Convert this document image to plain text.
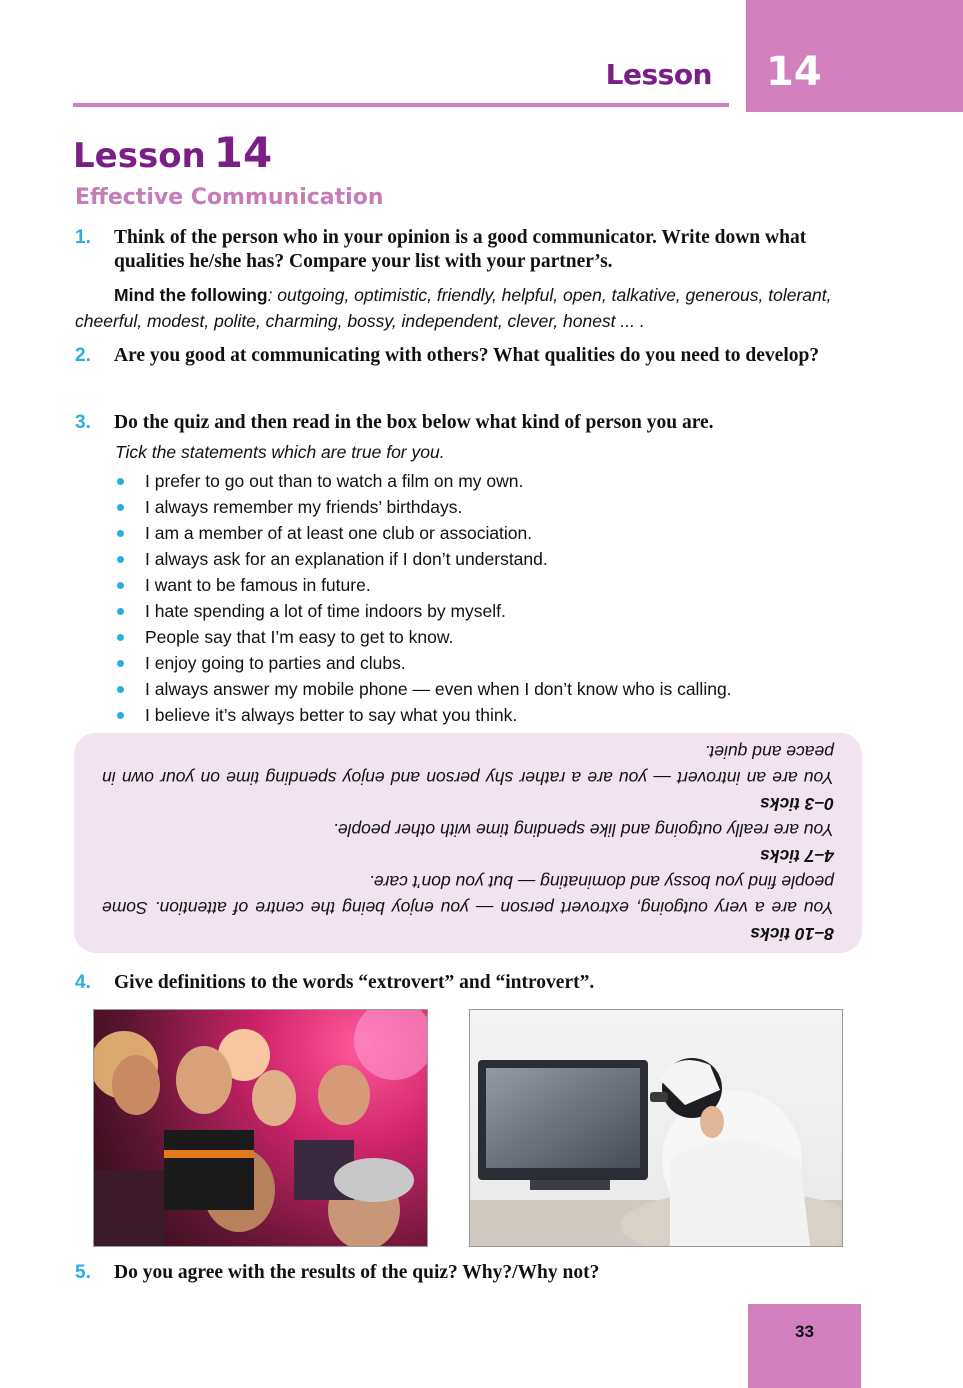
Lesson 14
Lesson 14
Effective Communication
1. Think of the person who in your opinion is a good communicator. Write down what qualities he/she has? Compare your list with your partner’s.
Mind the following: outgoing, optimistic, friendly, helpful, open, talkative, generous, tolerant, cheerful, modest, polite, charming, bossy, independent, clever, honest ... .
2. Are you good at communicating with others? What qualities do you need to develop?
3. Do the quiz and then read in the box below what kind of person you are.
Tick the statements which are true for you.
I prefer to go out than to watch a film on my own.
I always remember my friends’ birthdays.
I am a member of at least one club or association.
I always ask for an explanation if I don’t understand.
I want to be famous in future.
I hate spending a lot of time indoors by myself.
People say that I’m easy to get to know.
I enjoy going to parties and clubs.
I always answer my mobile phone — even when I don’t know who is calling.
I believe it’s always better to say what you think.

8–10 ticks

You are a very outgoing, extrovert person — you enjoy being the centre of attention. Some people find you bossy and dominating — but you don’t care.

4–7 ticks

You are really outgoing and like spending time with other people.

0–3 ticks

You are an introvert — you are a rather shy person and enjoy spending time on your own in peace and quiet.

4. Give definitions to the words “extrovert” and “introvert”.
5. Do you agree with the results of the quiz? Why?/Why not?
33
